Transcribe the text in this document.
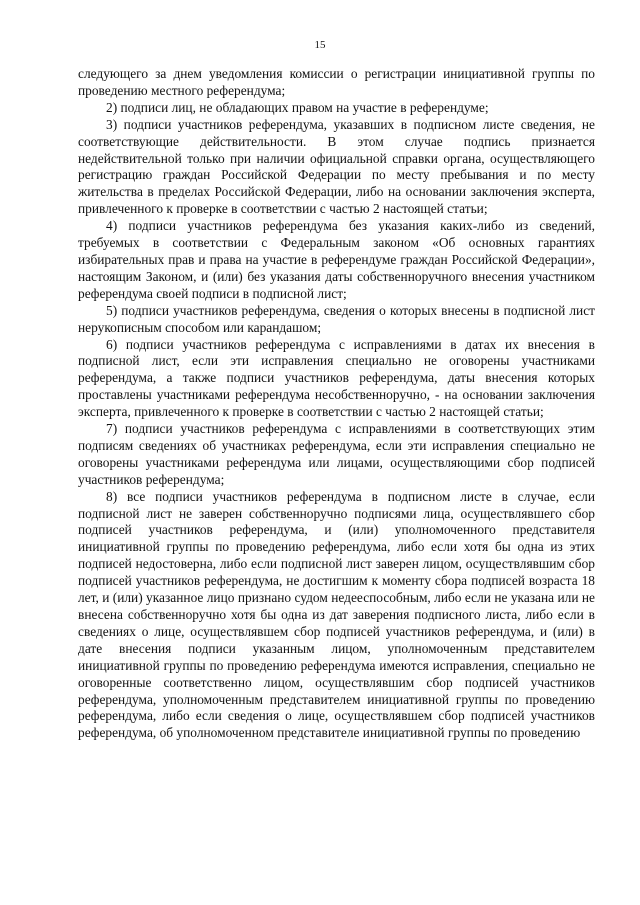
15

следующего за днем уведомления комиссии о регистрации инициативной группы по проведению местного референдума;

2) подписи лиц, не обладающих правом на участие в референдуме;

3) подписи участников референдума, указавших в подписном листе сведения, не соответствующие действительности. В этом случае подпись признается недействительной только при наличии официальной справки органа, осуществляющего регистрацию граждан Российской Федерации по месту пребывания и по месту жительства в пределах Российской Федерации, либо на основании заключения эксперта, привлеченного к проверке в соответствии с частью 2 настоящей статьи;

4) подписи участников референдума без указания каких-либо из сведений, требуемых в соответствии с Федеральным законом «Об основных гарантиях избирательных прав и права на участие в референдуме граждан Российской Федерации», настоящим Законом, и (или) без указания даты собственноручного внесения участником референдума своей подписи в подписной лист;

5) подписи участников референдума, сведения о которых внесены в подписной лист нерукописным способом или карандашом;

6) подписи участников референдума с исправлениями в датах их внесения в подписной лист, если эти исправления специально не оговорены участниками референдума, а также подписи участников референдума, даты внесения которых проставлены участниками референдума несобственноручно, - на основании заключения эксперта, привлеченного к проверке в соответствии с частью 2 настоящей статьи;

7) подписи участников референдума с исправлениями в соответствующих этим подписям сведениях об участниках референдума, если эти исправления специально не оговорены участниками референдума или лицами, осуществляющими сбор подписей участников референдума;

8) все подписи участников референдума в подписном листе в случае, если подписной лист не заверен собственноручно подписями лица, осуществлявшего сбор подписей участников референдума, и (или) уполномоченного представителя инициативной группы по проведению референдума, либо если хотя бы одна из этих подписей недостоверна, либо если подписной лист заверен лицом, осуществлявшим сбор подписей участников референдума, не достигшим к моменту сбора подписей возраста 18 лет, и (или) указанное лицо признано судом недееспособным, либо если не указана или не внесена собственноручно хотя бы одна из дат заверения подписного листа, либо если в сведениях о лице, осуществлявшем сбор подписей участников референдума, и (или) в дате внесения подписи указанным лицом, уполномоченным представителем инициативной группы по проведению референдума имеются исправления, специально не оговоренные соответственно лицом, осуществлявшим сбор подписей участников референдума, уполномоченным представителем инициативной группы по проведению референдума, либо если сведения о лице, осуществлявшем сбор подписей участников референдума, об уполномоченном представителе инициативной группы по проведению
